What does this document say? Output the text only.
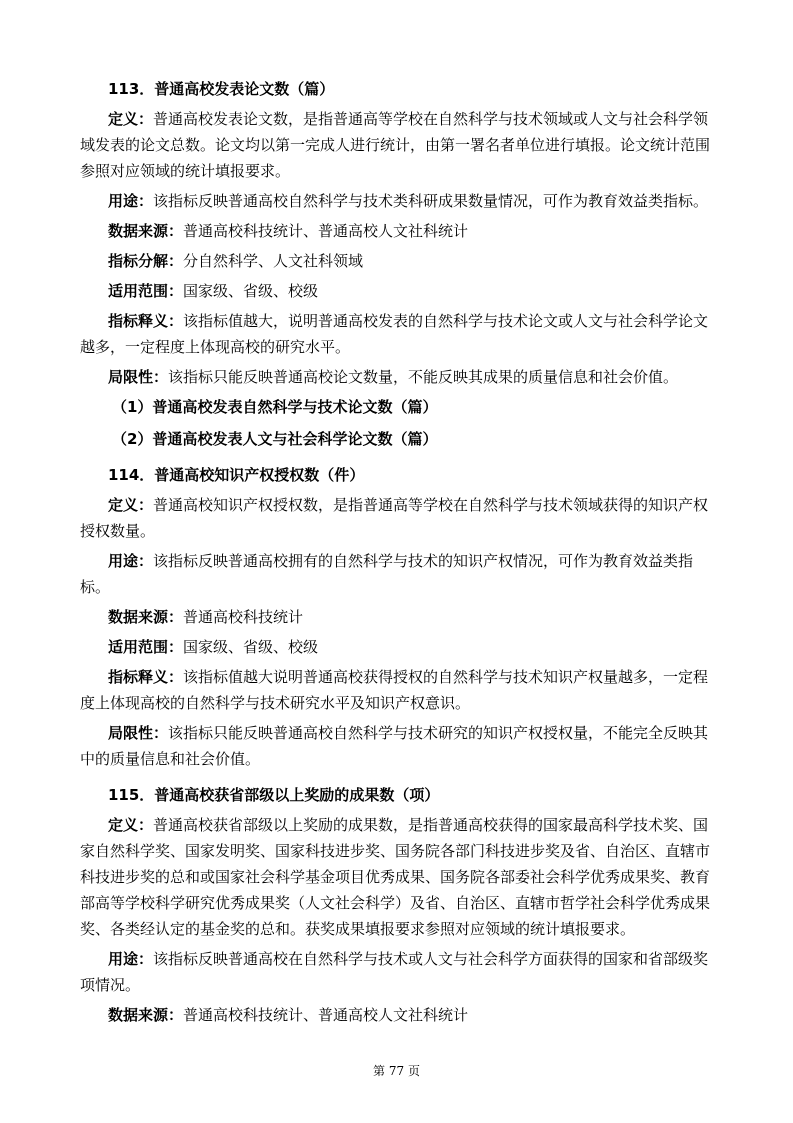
113．普通高校发表论文数（篇）
定义：普通高校发表论文数，是指普通高等学校在自然科学与技术领域或人文与社会科学领域发表的论文总数。论文均以第一完成人进行统计，由第一署名者单位进行填报。论文统计范围参照对应领域的统计填报要求。
用途：该指标反映普通高校自然科学与技术类科研成果数量情况，可作为教育效益类指标。
数据来源：普通高校科技统计、普通高校人文社科统计
指标分解：分自然科学、人文社科领域
适用范围：国家级、省级、校级
指标释义：该指标值越大，说明普通高校发表的自然科学与技术论文或人文与社会科学论文越多，一定程度上体现高校的研究水平。
局限性：该指标只能反映普通高校论文数量，不能反映其成果的质量信息和社会价值。
（1）普通高校发表自然科学与技术论文数（篇）
（2）普通高校发表人文与社会科学论文数（篇）
114．普通高校知识产权授权数（件）
定义：普通高校知识产权授权数，是指普通高等学校在自然科学与技术领域获得的知识产权授权数量。
用途：该指标反映普通高校拥有的自然科学与技术的知识产权情况，可作为教育效益类指标。
数据来源：普通高校科技统计
适用范围：国家级、省级、校级
指标释义：该指标值越大说明普通高校获得授权的自然科学与技术知识产权量越多，一定程度上体现高校的自然科学与技术研究水平及知识产权意识。
局限性：该指标只能反映普通高校自然科学与技术研究的知识产权授权量，不能完全反映其中的质量信息和社会价值。
115．普通高校获省部级以上奖励的成果数（项）
定义：普通高校获省部级以上奖励的成果数，是指普通高校获得的国家最高科学技术奖、国家自然科学奖、国家发明奖、国家科技进步奖、国务院各部门科技进步奖及省、自治区、直辖市科技进步奖的总和或国家社会科学基金项目优秀成果、国务院各部委社会科学优秀成果奖、教育部高等学校科学研究优秀成果奖（人文社会科学）及省、自治区、直辖市哲学社会科学优秀成果奖、各类经认定的基金奖的总和。获奖成果填报要求参照对应领域的统计填报要求。
用途：该指标反映普通高校在自然科学与技术或人文与社会科学方面获得的国家和省部级奖项情况。
数据来源：普通高校科技统计、普通高校人文社科统计
第 77 页
